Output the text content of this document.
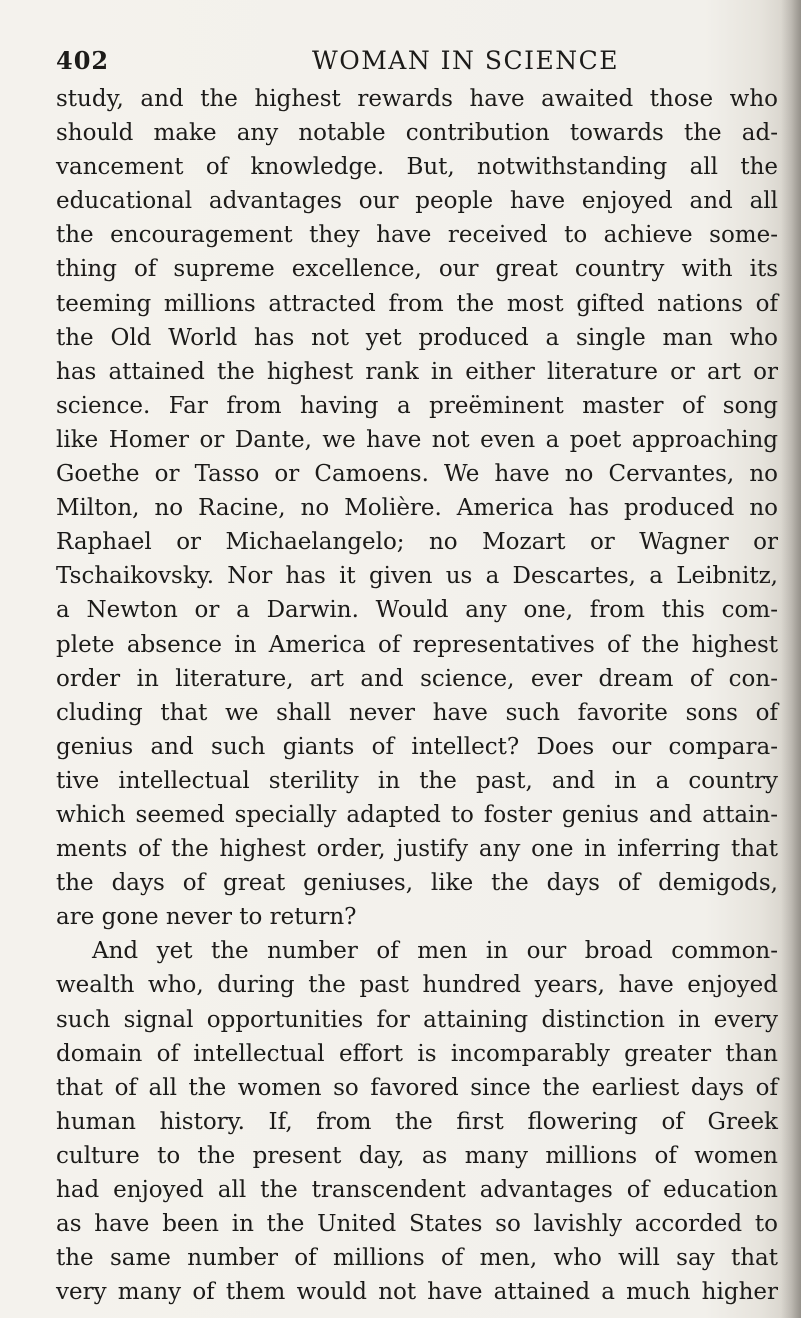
402	WOMAN IN SCIENCE
study, and the highest rewards have awaited those who
should make any notable contribution towards the ad-
vancement of knowledge. But, notwithstanding all the
educational advantages our people have enjoyed and all
the encouragement they have received to achieve some-
thing of supreme excellence, our great country with its
teeming millions attracted from the most gifted nations of
the Old World has not yet produced a single man who
has attained the highest rank in either literature or art or
science. Far from having a preëminent master of song
like Homer or Dante, we have not even a poet approaching
Goethe or Tasso or Camoens. We have no Cervantes, no
Milton, no Racine, no Molière. America has produced no
Raphael or Michaelangelo; no Mozart or Wagner or
Tschaikovsky. Nor has it given us a Descartes, a Leibnitz,
a Newton or a Darwin. Would any one, from this com-
plete absence in America of representatives of the highest
order in literature, art and science, ever dream of con-
cluding that we shall never have such favorite sons of
genius and such giants of intellect? Does our compara-
tive intellectual sterility in the past, and in a country
which seemed specially adapted to foster genius and attain-
ments of the highest order, justify any one in inferring that
the days of great geniuses, like the days of demigods,
are gone never to return?
And yet the number of men in our broad common-
wealth who, during the past hundred years, have enjoyed
such signal opportunities for attaining distinction in every
domain of intellectual effort is incomparably greater than
that of all the women so favored since the earliest days of
human history. If, from the first flowering of Greek
culture to the present day, as many millions of women
had enjoyed all the transcendent advantages of education
as have been in the United States so lavishly accorded to
the same number of millions of men, who will say that
very many of them would not have attained a much higher
